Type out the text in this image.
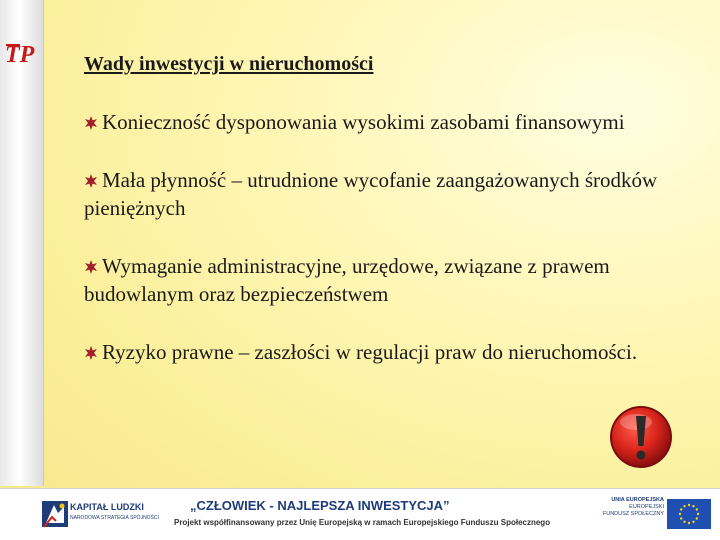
TP Wady inwestycji w nieruchomości
Konieczność dysponowania wysokimi zasobami finansowymi
Mała płynność – utrudnione wycofanie zaangażowanych środków pieniężnych
Wymaganie administracyjne, urzędowe, związane z prawem budowlanym oraz bezpieczeństwem
Ryzyko prawne – zaszłości w regulacji praw do nieruchomości.
KAPITAŁ LUDZKI
NARODOWA STRATEGIA SPÓJNOŚCI
„CZŁOWIEK - NAJLEPSZA INWESTYCJA”
Projekt współfinansowany przez Unię Europejską w ramach Europejskiego Funduszu Społecznego
UNIA EUROPEJSKA
EUROPEJSKI
FUNDUSZ SPOŁECZNY
